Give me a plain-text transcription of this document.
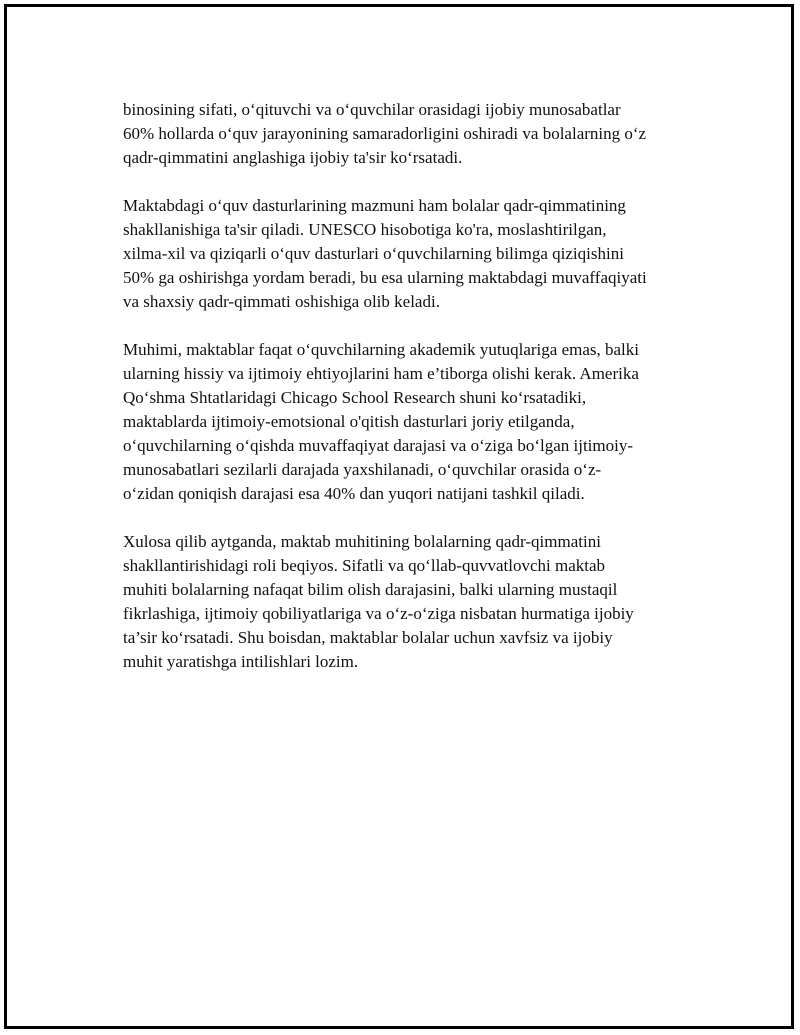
binosining sifati, o‘qituvchi va o‘quvchilar orasidagi ijobiy munosabatlar
60% hollarda o‘quv jarayonining samaradorligini oshiradi va bolalarning o‘z
qadr-qimmatini anglashiga ijobiy ta'sir ko‘rsatadi.

Maktabdagi o‘quv dasturlarining mazmuni ham bolalar qadr-qimmatining
shakllanishiga ta'sir qiladi. UNESCO hisobotiga ko'ra, moslashtirilgan,
xilma-xil va qiziqarli o‘quv dasturlari o‘quvchilarning bilimga qiziqishini
50% ga oshirishga yordam beradi, bu esa ularning maktabdagi muvaffaqiyati
va shaxsiy qadr-qimmati oshishiga olib keladi.

Muhimi, maktablar faqat o‘quvchilarning akademik yutuqlariga emas, balki
ularning hissiy va ijtimoiy ehtiyojlarini ham e’tiborga olishi kerak. Amerika
Qo‘shma Shtatlaridagi Chicago School Research shuni ko‘rsatadiki,
maktablarda ijtimoiy-emotsional o'qitish dasturlari joriy etilganda,
o‘quvchilarning o‘qishda muvaffaqiyat darajasi va o‘ziga bo‘lgan ijtimoiy-
munosabatlari sezilarli darajada yaxshilanadi, o‘quvchilar orasida o‘z-
o‘zidan qoniqish darajasi esa 40% dan yuqori natijani tashkil qiladi.

Xulosa qilib aytganda, maktab muhitining bolalarning qadr-qimmatini
shakllantirishidagi roli beqiyos. Sifatli va qo‘llab-quvvatlovchi maktab
muhiti bolalarning nafaqat bilim olish darajasini, balki ularning mustaqil
fikrlashiga, ijtimoiy qobiliyatlariga va o‘z-o‘ziga nisbatan hurmatiga ijobiy
ta’sir ko‘rsatadi. Shu boisdan, maktablar bolalar uchun xavfsiz va ijobiy
muhit yaratishga intilishlari lozim.
